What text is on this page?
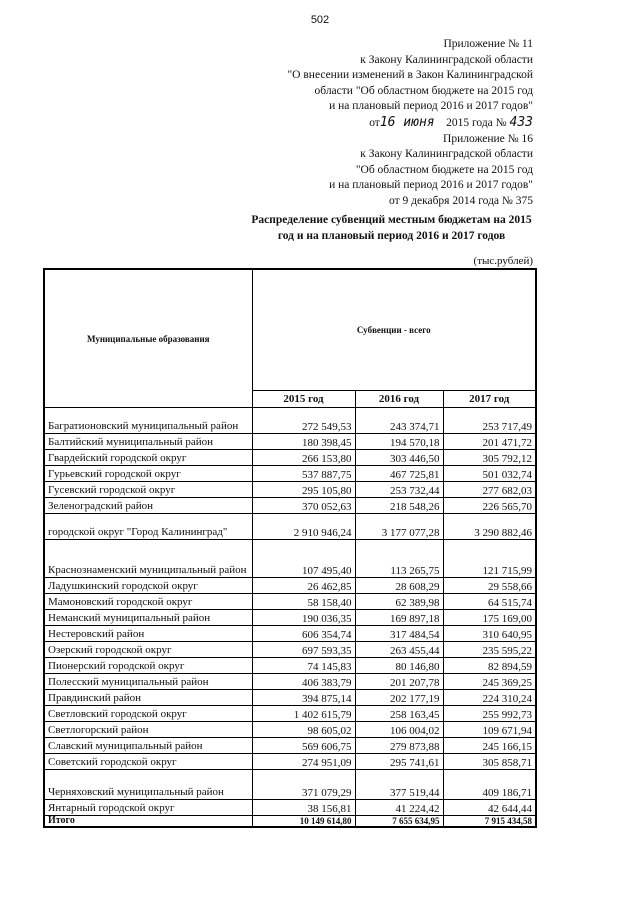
502
Приложение № 11
к Закону Калининградской области
"О внесении изменений в Закон Калининградской
области "Об областном бюджете на 2015 год
и на плановый период 2016 и 2017 годов"
от16 июня 2015 года № 433
Приложение № 16
к Закону Калининградской области
"Об областном бюджете на 2015 год
и на плановый период 2016 и 2017 годов"
от 9 декабря 2014 года № 375
Распределение субвенций местным бюджетам на 2015 год и на плановый период 2016 и 2017 годов
(тыс.рублей)
Муниципальные образования	Субвенции - всего		
	2015 год	2016 год	2017 год
Багратионовский муниципальный район	272 549,53	243 374,71	253 717,49
Балтийский муниципальный район	180 398,45	194 570,18	201 471,72
Гвардейский городской округ	266 153,80	303 446,50	305 792,12
Гурьевский городской округ	537 887,75	467 725,81	501 032,74
Гусевский городской округ	295 105,80	253 732,44	277 682,03
Зеленоградский район	370 052,63	218 548,26	226 565,70
городской округ "Город Калининград"	2 910 946,24	3 177 077,28	3 290 882,46
Краснознаменский муниципальный район	107 495,40	113 265,75	121 715,99
Ладушкинский городской округ	26 462,85	28 608,29	29 558,66
Мамоновский городской округ	58 158,40	62 389,98	64 515,74
Неманский муниципальный район	190 036,35	169 897,18	175 169,00
Нестеровский район	606 354,74	317 484,54	310 640,95
Озерский городской округ	697 593,35	263 455,44	235 595,22
Пионерский городской округ	74 145,83	80 146,80	82 894,59
Полесский муниципальный район	406 383,79	201 207,78	245 369,25
Правдинский район	394 875,14	202 177,19	224 310,24
Светловский городской округ	1 402 615,79	258 163,45	255 992,73
Светлогорский район	98 605,02	106 004,02	109 671,94
Славский муниципальный район	569 606,75	279 873,88	245 166,15
Советский городской округ	274 951,09	295 741,61	305 858,71
Черняховский муниципальный район	371 079,29	377 519,44	409 186,71
Янтарный городской округ	38 156,81	41 224,42	42 644,44
Итого	10 149 614,80	7 655 634,95	7 915 434,58
